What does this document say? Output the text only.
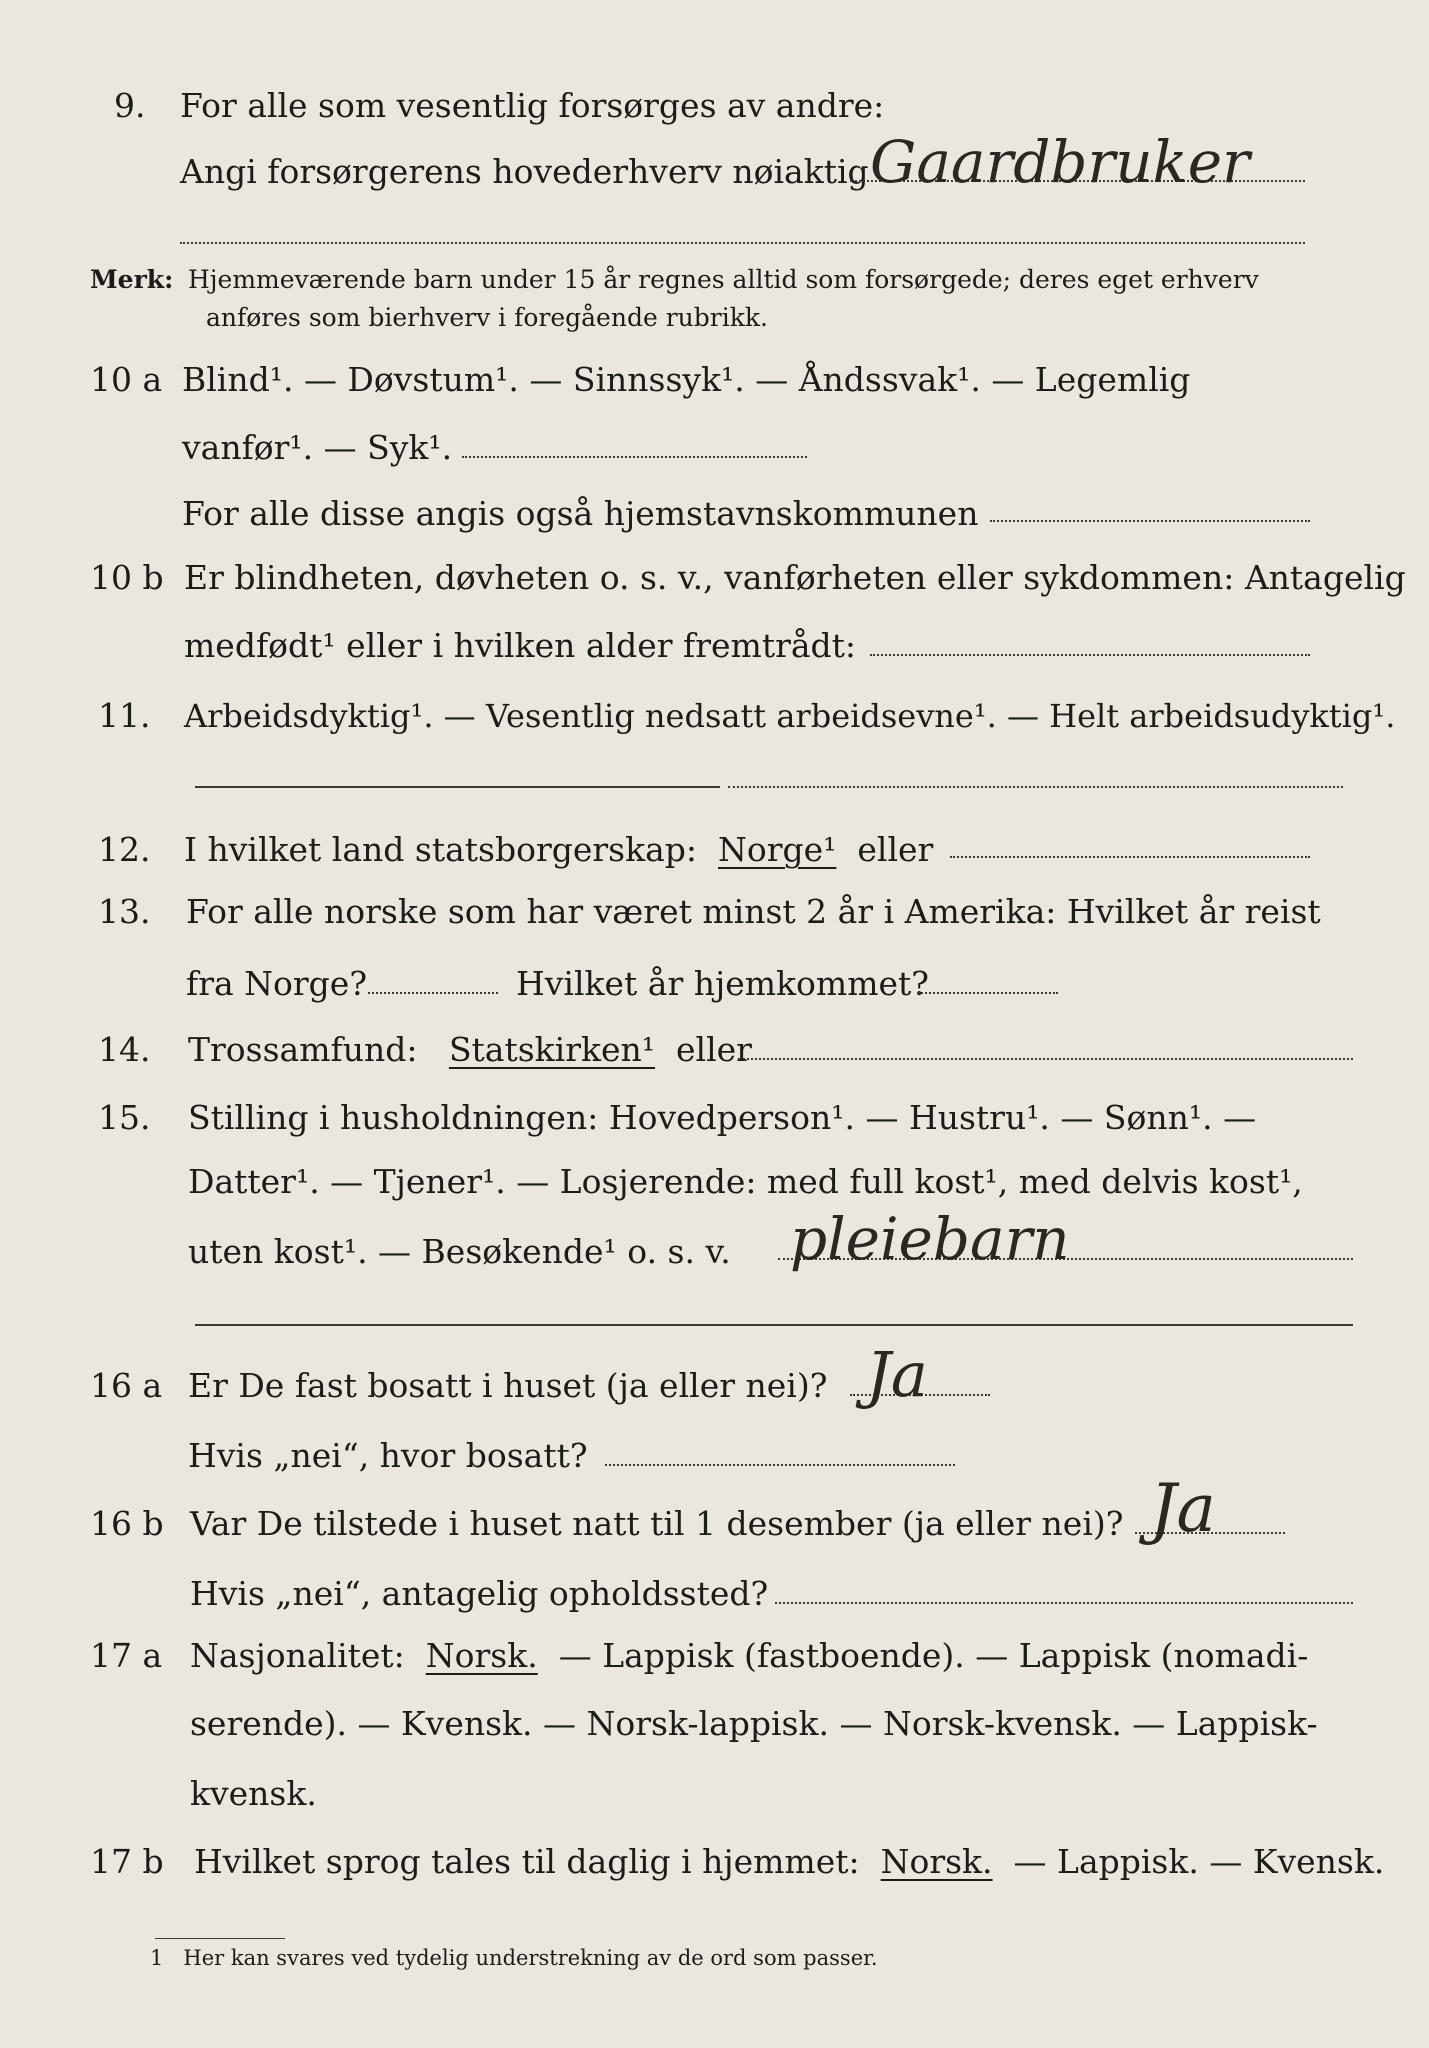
9.	For alle som vesentlig forsørges av andre:
Angi forsørgerens hovederhverv nøiaktig Gaardbruker
Merk: Hjemmeværende barn under 15 år regnes alltid som forsørgede; deres eget erhverv
anføres som bierhverv i foregående rubrikk.
10 a Blind¹. — Døvstum¹. — Sinnssyk¹. — Åndssvak¹. — Legemlig
vanfør¹. — Syk¹.
For alle disse angis også hjemstavnskommunen
10 b Er blindheten, døvheten o. s. v., vanførheten eller sykdommen: Antagelig
medfødt¹ eller i hvilken alder fremtrådt:
11.	Arbeidsdyktig¹. — Vesentlig nedsatt arbeidsevne¹. — Helt arbeidsudyktig¹.
12.	I hvilket land statsborgerskap: Norge¹ eller
13.	For alle norske som har været minst 2 år i Amerika: Hvilket år reist
fra Norge?	Hvilket år hjemkommet?
14.	Trossamfund: Statskirken¹ eller
15.	Stilling i husholdningen: Hovedperson¹. — Hustru¹. — Sønn¹. —
Datter¹. — Tjener¹. — Losjerende: med full kost¹, med delvis kost¹,
uten kost¹. — Besøkende¹ o. s. v.	pleiebarn
16 a Er De fast bosatt i huset (ja eller nei)? Ja
Hvis „nei“, hvor bosatt?
16 b Var De tilstede i huset natt til 1 desember (ja eller nei)? Ja
Hvis „nei“, antagelig opholdssted?
17 a Nasjonalitet: Norsk. — Lappisk (fastboende). — Lappisk (nomadi-
serende). — Kvensk. — Norsk-lappisk. — Norsk-kvensk. — Lappisk-
kvensk.
17 b Hvilket sprog tales til daglig i hjemmet: Norsk. — Lappisk. — Kvensk.
1 Her kan svares ved tydelig understrekning av de ord som passer.
